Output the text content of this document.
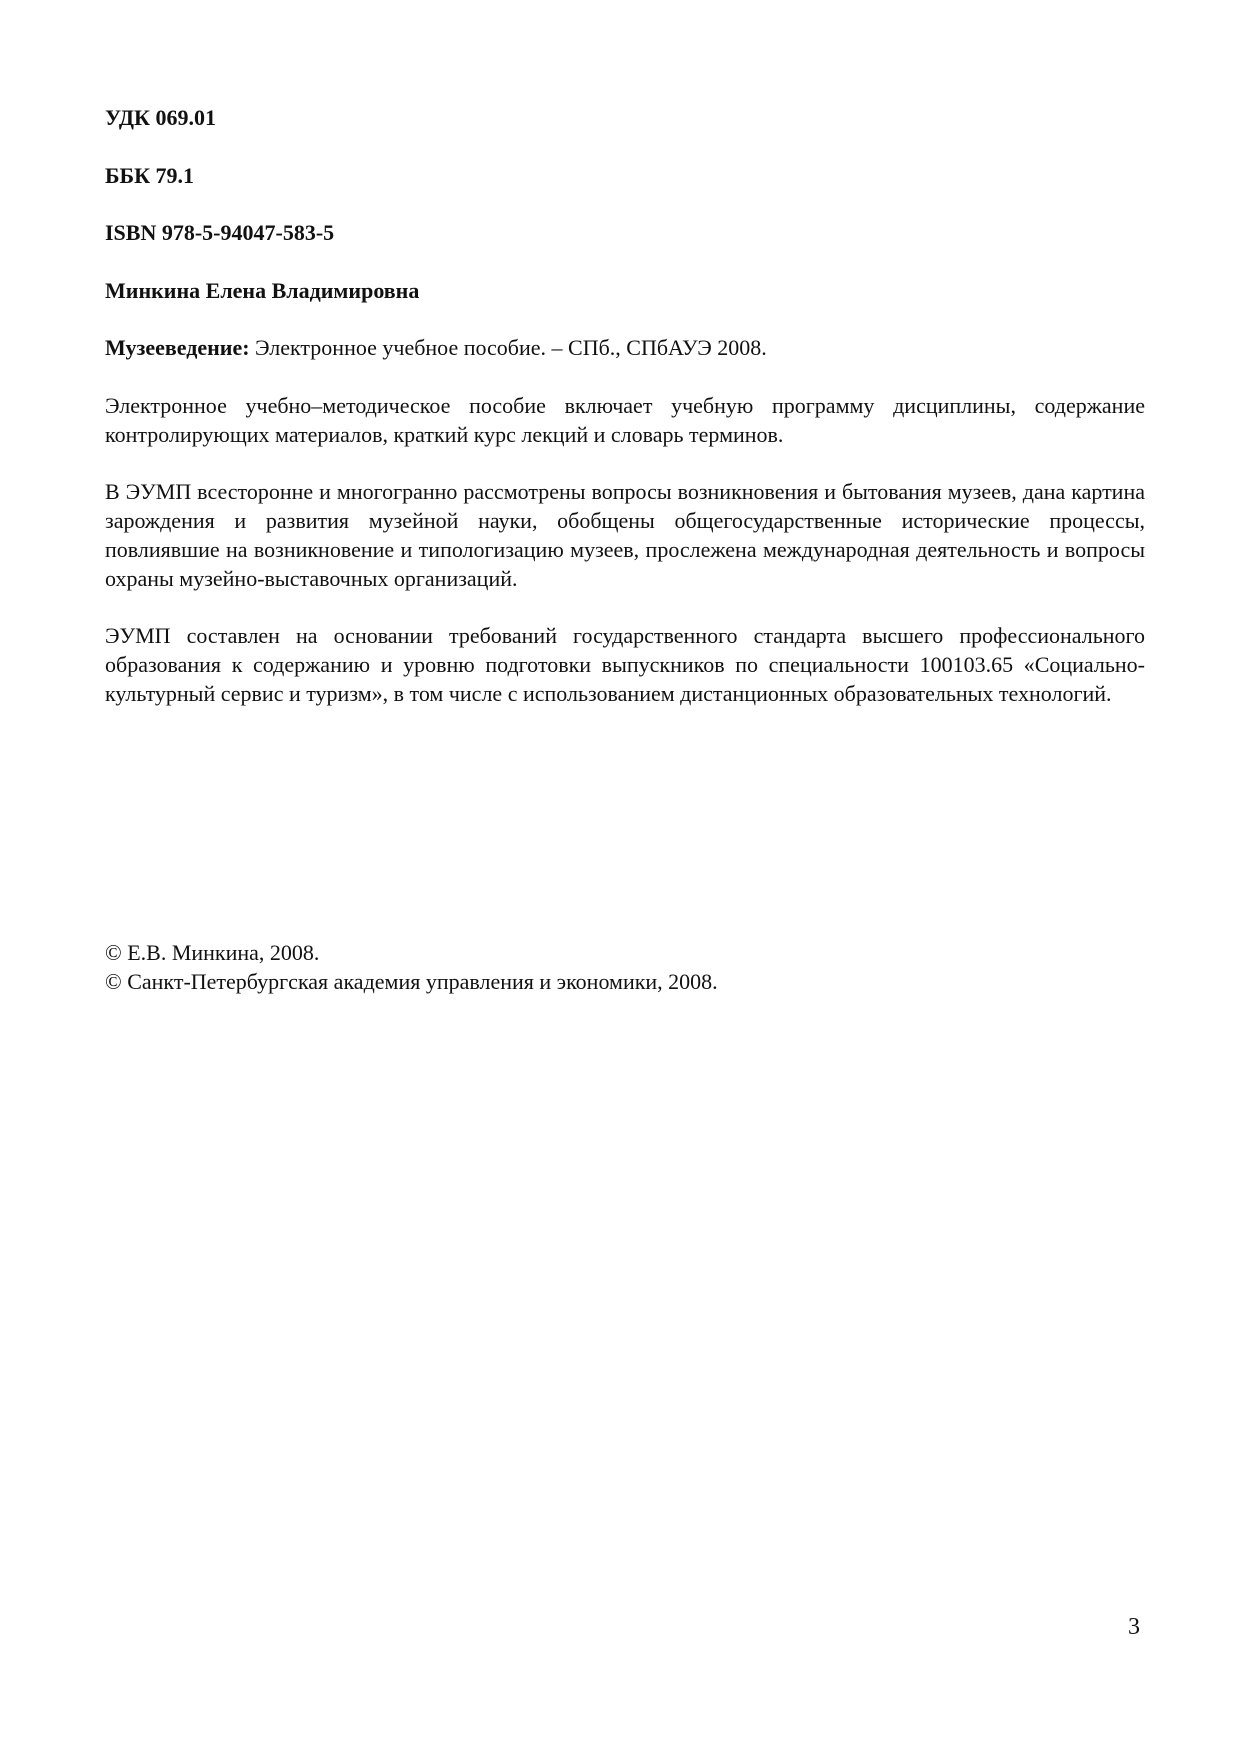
УДК 069.01
ББК 79.1
ISBN 978-5-94047-583-5
Минкина Елена Владимировна
Музееведение: Электронное учебное пособие. – СПб., СПбАУЭ 2008.
Электронное учебно–методическое пособие включает учебную программу дисциплины, содержание контролирующих материалов, краткий курс лекций и словарь терминов.
В ЭУМП всесторонне и многогранно рассмотрены вопросы возникновения и бытования музеев, дана картина зарождения и развития музейной науки, обобщены общегосударственные исторические процессы, повлиявшие на возникновение и типологизацию музеев, прослежена международная деятельность и вопросы охраны музейно-выставочных организаций.
ЭУМП составлен на основании требований государственного стандарта высшего профессионального образования к содержанию и уровню подготовки выпускников по специальности 100103.65 «Социально-культурный сервис и туризм», в том числе с использованием дистанционных образовательных технологий.
© Е.В. Минкина, 2008.
© Санкт-Петербургская академия управления и экономики, 2008.
3
